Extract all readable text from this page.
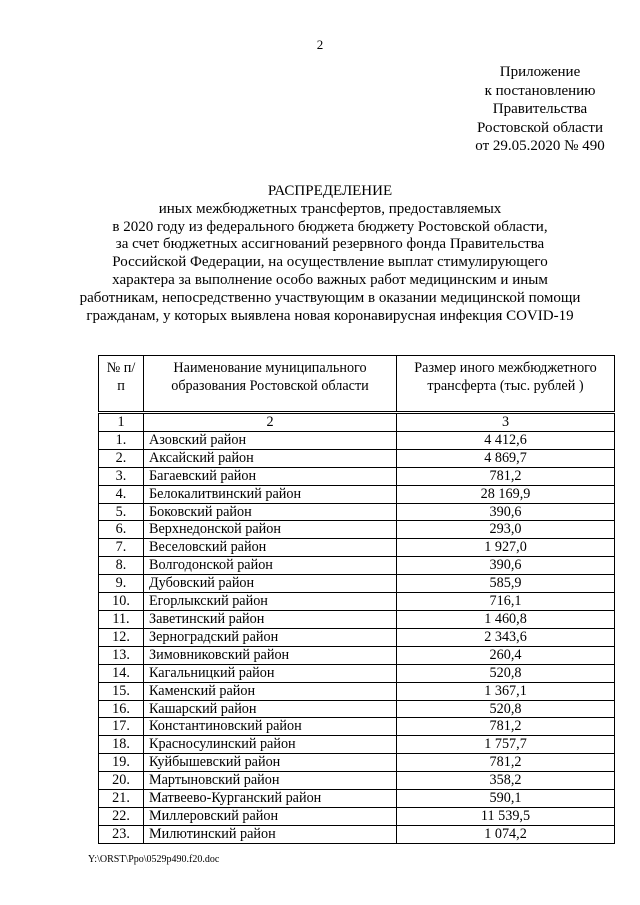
2
Приложение
к постановлению
Правительства
Ростовской области
от 29.05.2020 № 490
РАСПРЕДЕЛЕНИЕ
иных межбюджетных трансфертов, предоставляемых
в 2020 году из федерального бюджета бюджету Ростовской области,
за счет бюджетных ассигнований резервного фонда Правительства
Российской Федерации, на осуществление выплат стимулирующего
характера за выполнение особо важных работ медицинским и иным
работникам, непосредственно участвующим в оказании медицинской помощи
гражданам, у которых выявлена новая коронавирусная инфекция COVID-19
№ п/п	Наименование муниципального образования Ростовской области	Размер иного межбюджетного трансферта (тыс. рублей )
1	2	3
1.	Азовский район	4 412,6
2.	Аксайский район	4 869,7
3.	Багаевский район	781,2
4.	Белокалитвинский район	28 169,9
5.	Боковский район	390,6
6.	Верхнедонской район	293,0
7.	Веселовский район	1 927,0
8.	Волгодонской район	390,6
9.	Дубовский район	585,9
10.	Егорлыкский район	716,1
11.	Заветинский район	1 460,8
12.	Зерноградский район	2 343,6
13.	Зимовниковский район	260,4
14.	Кагальницкий район	520,8
15.	Каменский район	1 367,1
16.	Кашарский район	520,8
17.	Константиновский район	781,2
18.	Красносулинский район	1 757,7
19.	Куйбышевский район	781,2
20.	Мартыновский район	358,2
21.	Матвеево-Курганский район	590,1
22.	Миллеровский район	11 539,5
23.	Милютинский район	1 074,2
Y:\ORST\Ppo\0529p490.f20.doc
